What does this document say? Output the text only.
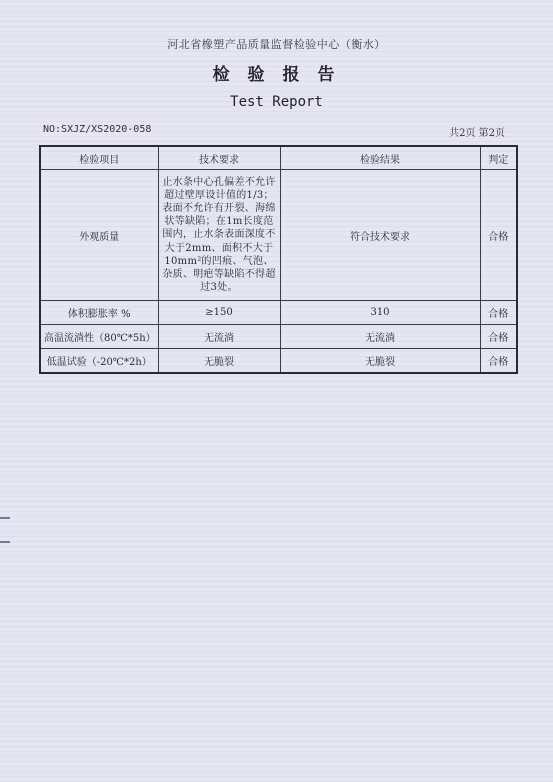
河北省橡塑产品质量监督检验中心（衡水）
检 验 报 告
Test Report
NO:SXJZ/XS2020-058	共2页 第2页
检验项目	技术要求	检验结果	判定
外观质量	止水条中心孔偏差不允许超过壁厚设计值的1/3；表面不允许有开裂、海绵状等缺陷；在1m长度范围内，止水条表面深度不大于2mm、面积不大于10mm²的凹痕、气泡、杂质、明疤等缺陷不得超过3处。	符合技术要求	合格
体积膨胀率 %	≥150	310	合格
高温流淌性（80℃*5h）	无流淌	无流淌	合格
低温试验（-20℃*2h）	无脆裂	无脆裂	合格
